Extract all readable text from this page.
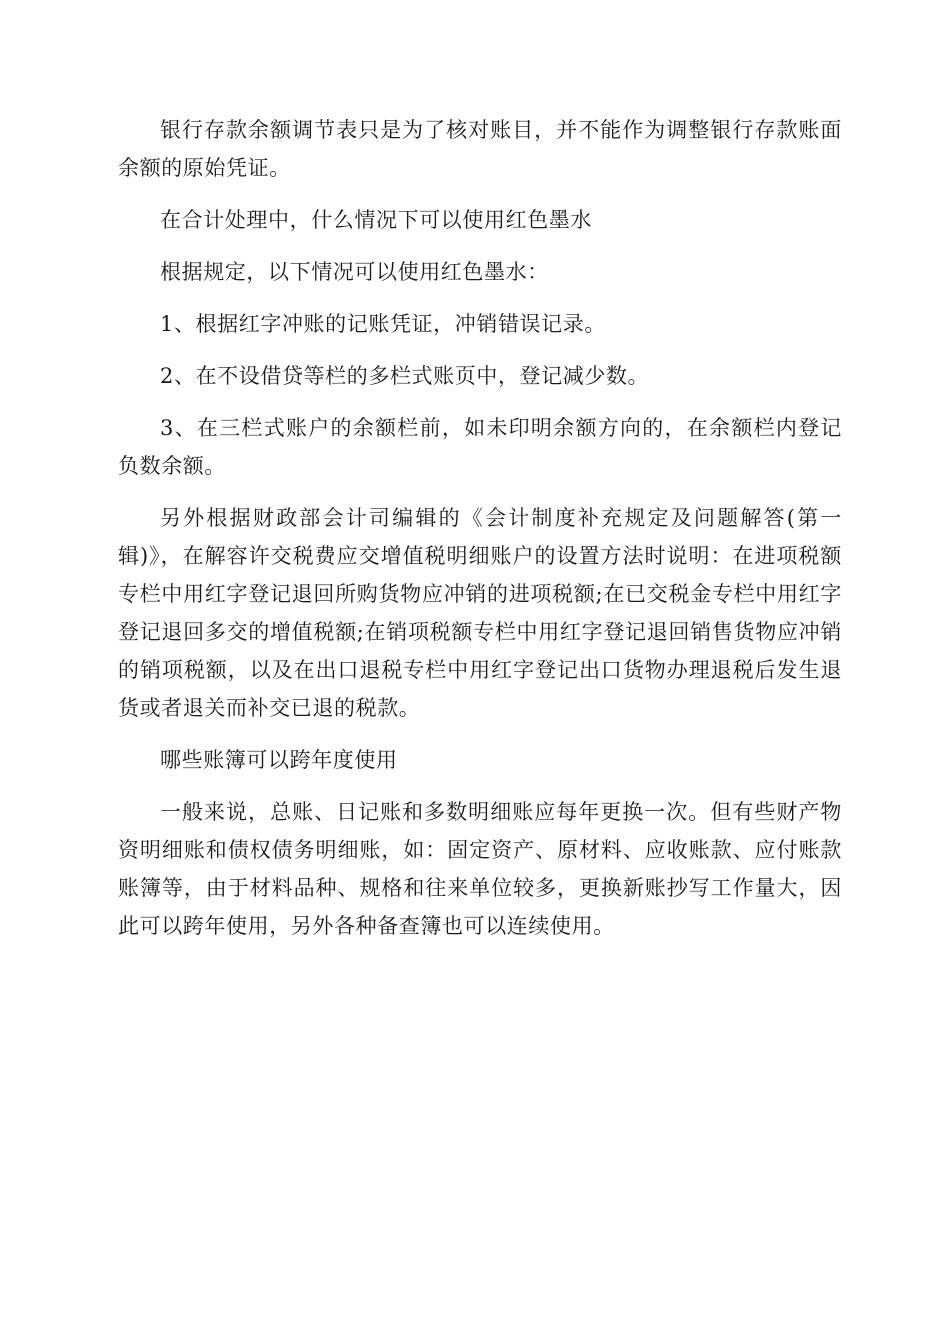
银行存款余额调节表只是为了核对账目，并不能作为调整银行存款账面余额的原始凭证。

在合计处理中，什么情况下可以使用红色墨水

根据规定，以下情况可以使用红色墨水：

1、根据红字冲账的记账凭证，冲销错误记录。

2、在不设借贷等栏的多栏式账页中，登记减少数。

3、在三栏式账户的余额栏前，如未印明余额方向的，在余额栏内登记负数余额。

另外根据财政部会计司编辑的《会计制度补充规定及问题解答(第一辑)》，在解容许交税费应交增值税明细账户的设置方法时说明：在进项税额专栏中用红字登记退回所购货物应冲销的进项税额;在已交税金专栏中用红字登记退回多交的增值税额;在销项税额专栏中用红字登记退回销售货物应冲销的销项税额，以及在出口退税专栏中用红字登记出口货物办理退税后发生退货或者退关而补交已退的税款。

哪些账簿可以跨年度使用

一般来说，总账、日记账和多数明细账应每年更换一次。但有些财产物资明细账和债权债务明细账，如：固定资产、原材料、应收账款、应付账款账簿等，由于材料品种、规格和往来单位较多，更换新账抄写工作量大，因此可以跨年使用，另外各种备查簿也可以连续使用。
